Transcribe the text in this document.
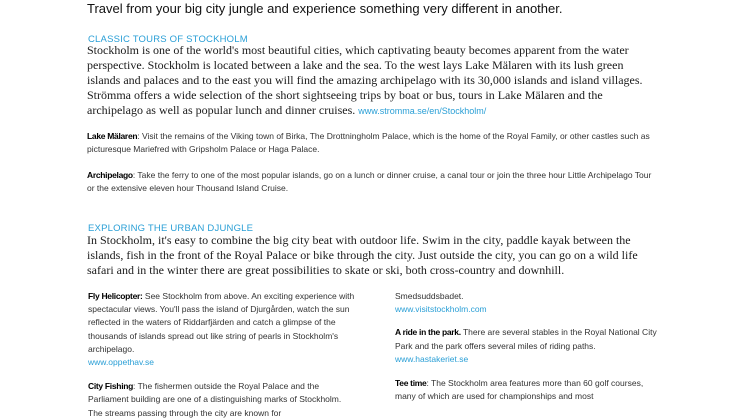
Travel from your big city jungle and experience something very different in another.
CLASSIC TOURS OF STOCKHOLM
Stockholm is one of the world's most beautiful cities, which captivating beauty becomes apparent from the water perspective. Stockholm is located between a lake and the sea. To the west lays Lake Mälaren with its lush green islands and palaces and to the east you will find the amazing archipelago with its 30,000 islands and island villages. Strömma offers a wide selection of the short sightseeing trips by boat or bus, tours in Lake Mälaren and the archipelago as well as popular lunch and dinner cruises. www.stromma.se/en/Stockholm/
Lake Mälaren: Visit the remains of the Viking town of Birka, The Drottningholm Palace, which is the home of the Royal Family, or other castles such as picturesque Mariefred with Gripsholm Palace or Haga Palace.
Archipelago: Take the ferry to one of the most popular islands, go on a lunch or dinner cruise, a canal tour or join the three hour Little Archipelago Tour or the extensive eleven hour Thousand Island Cruise.
EXPLORING THE URBAN DJUNGLE
In Stockholm, it's easy to combine the big city beat with outdoor life. Swim in the city, paddle kayak between the islands, fish in the front of the Royal Palace or bike through the city. Just outside the city, you can go on a wild life safari and in the winter there are great possibilities to skate or ski, both cross-country and downhill.
Fly Helicopter: See Stockholm from above. An exciting experience with spectacular views. You'll pass the island of Djurgården, watch the sun reflected in the waters of Riddarfjärden and catch a glimpse of the thousands of islands spread out like string of pearls in Stockholm's archipelago.
www.oppethav.se
City Fishing: The fishermen outside the Royal Palace and the Parliament building are one of a distinguishing marks of Stockholm. The streams passing through the city are known for
Smedsuddsbadet.
www.visitstockholm.com
A ride in the park. There are several stables in the Royal National City Park and the park offers several miles of riding paths.
www.hastakeriet.se
Tee time: The Stockholm area features more than 60 golf courses, many of which are used for championships and most
